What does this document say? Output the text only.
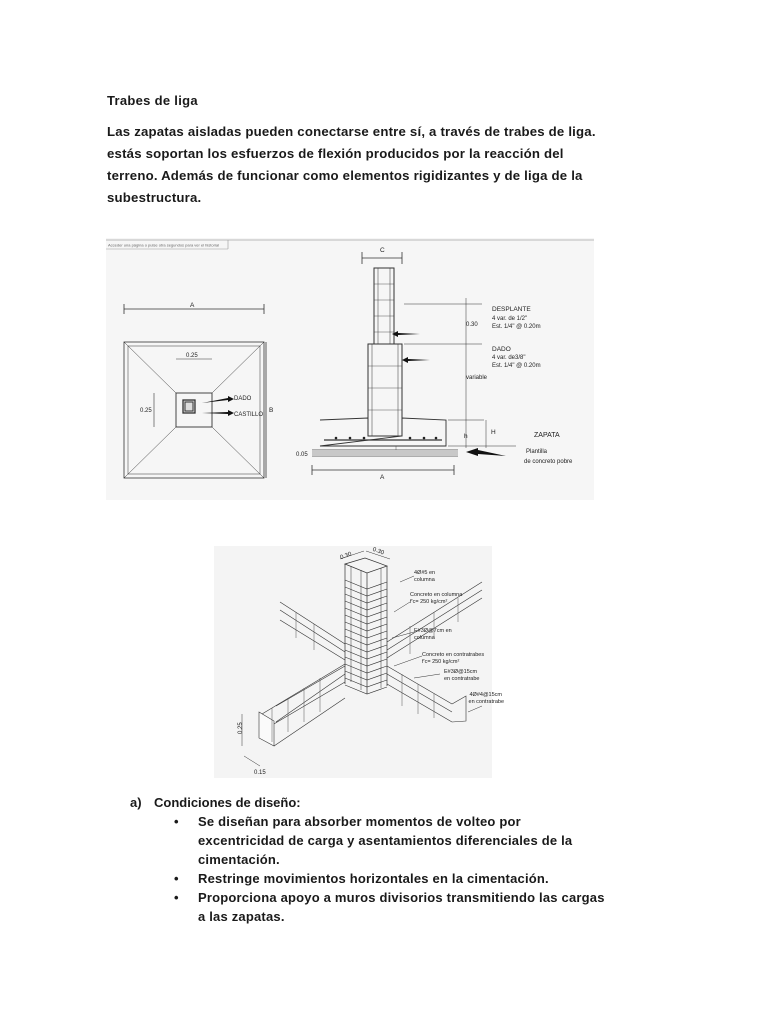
Trabes de liga
Las zapatas aisladas pueden conectarse entre sí, a través de trabes de liga.
estás soportan los esfuerzos de flexión producidos por la reacción del
terreno. Además de funcionar como elementos rigidizantes y de liga de la
subestructura.
Acceder una página o pulse otra segundos para ver el historial
A
B
0.25
0.25
DADO
CASTILLO
C
DESPLANTE
4 var. de 1/2"
Est. 1/4" @ 0.20m
0.30
DADO
4 var. de3/8"
Est. 1/4" @ 0.20m
variable
h
H	ZAPATA
Plantilla
de concreto pobre
0.05
A
0.30	0.30
4Ø#5 en
columna
Concreto en columna
f'c= 250 kg/cm²
E#3Ø@7cm en
columna
Concreto en contratrabes
f'c= 250 kg/cm²
E#3Ø@15cm
en contratrabe
4Ø#4@15cm
en contratrabe
0.25
0.15
a) Condiciones de diseño:
• Se diseñan para absorber momentos de volteo por
excentricidad de carga y asentamientos diferenciales de la
cimentación.
• Restringe movimientos horizontales en la cimentación.
• Proporciona apoyo a muros divisorios transmitiendo las cargas
a las zapatas.
